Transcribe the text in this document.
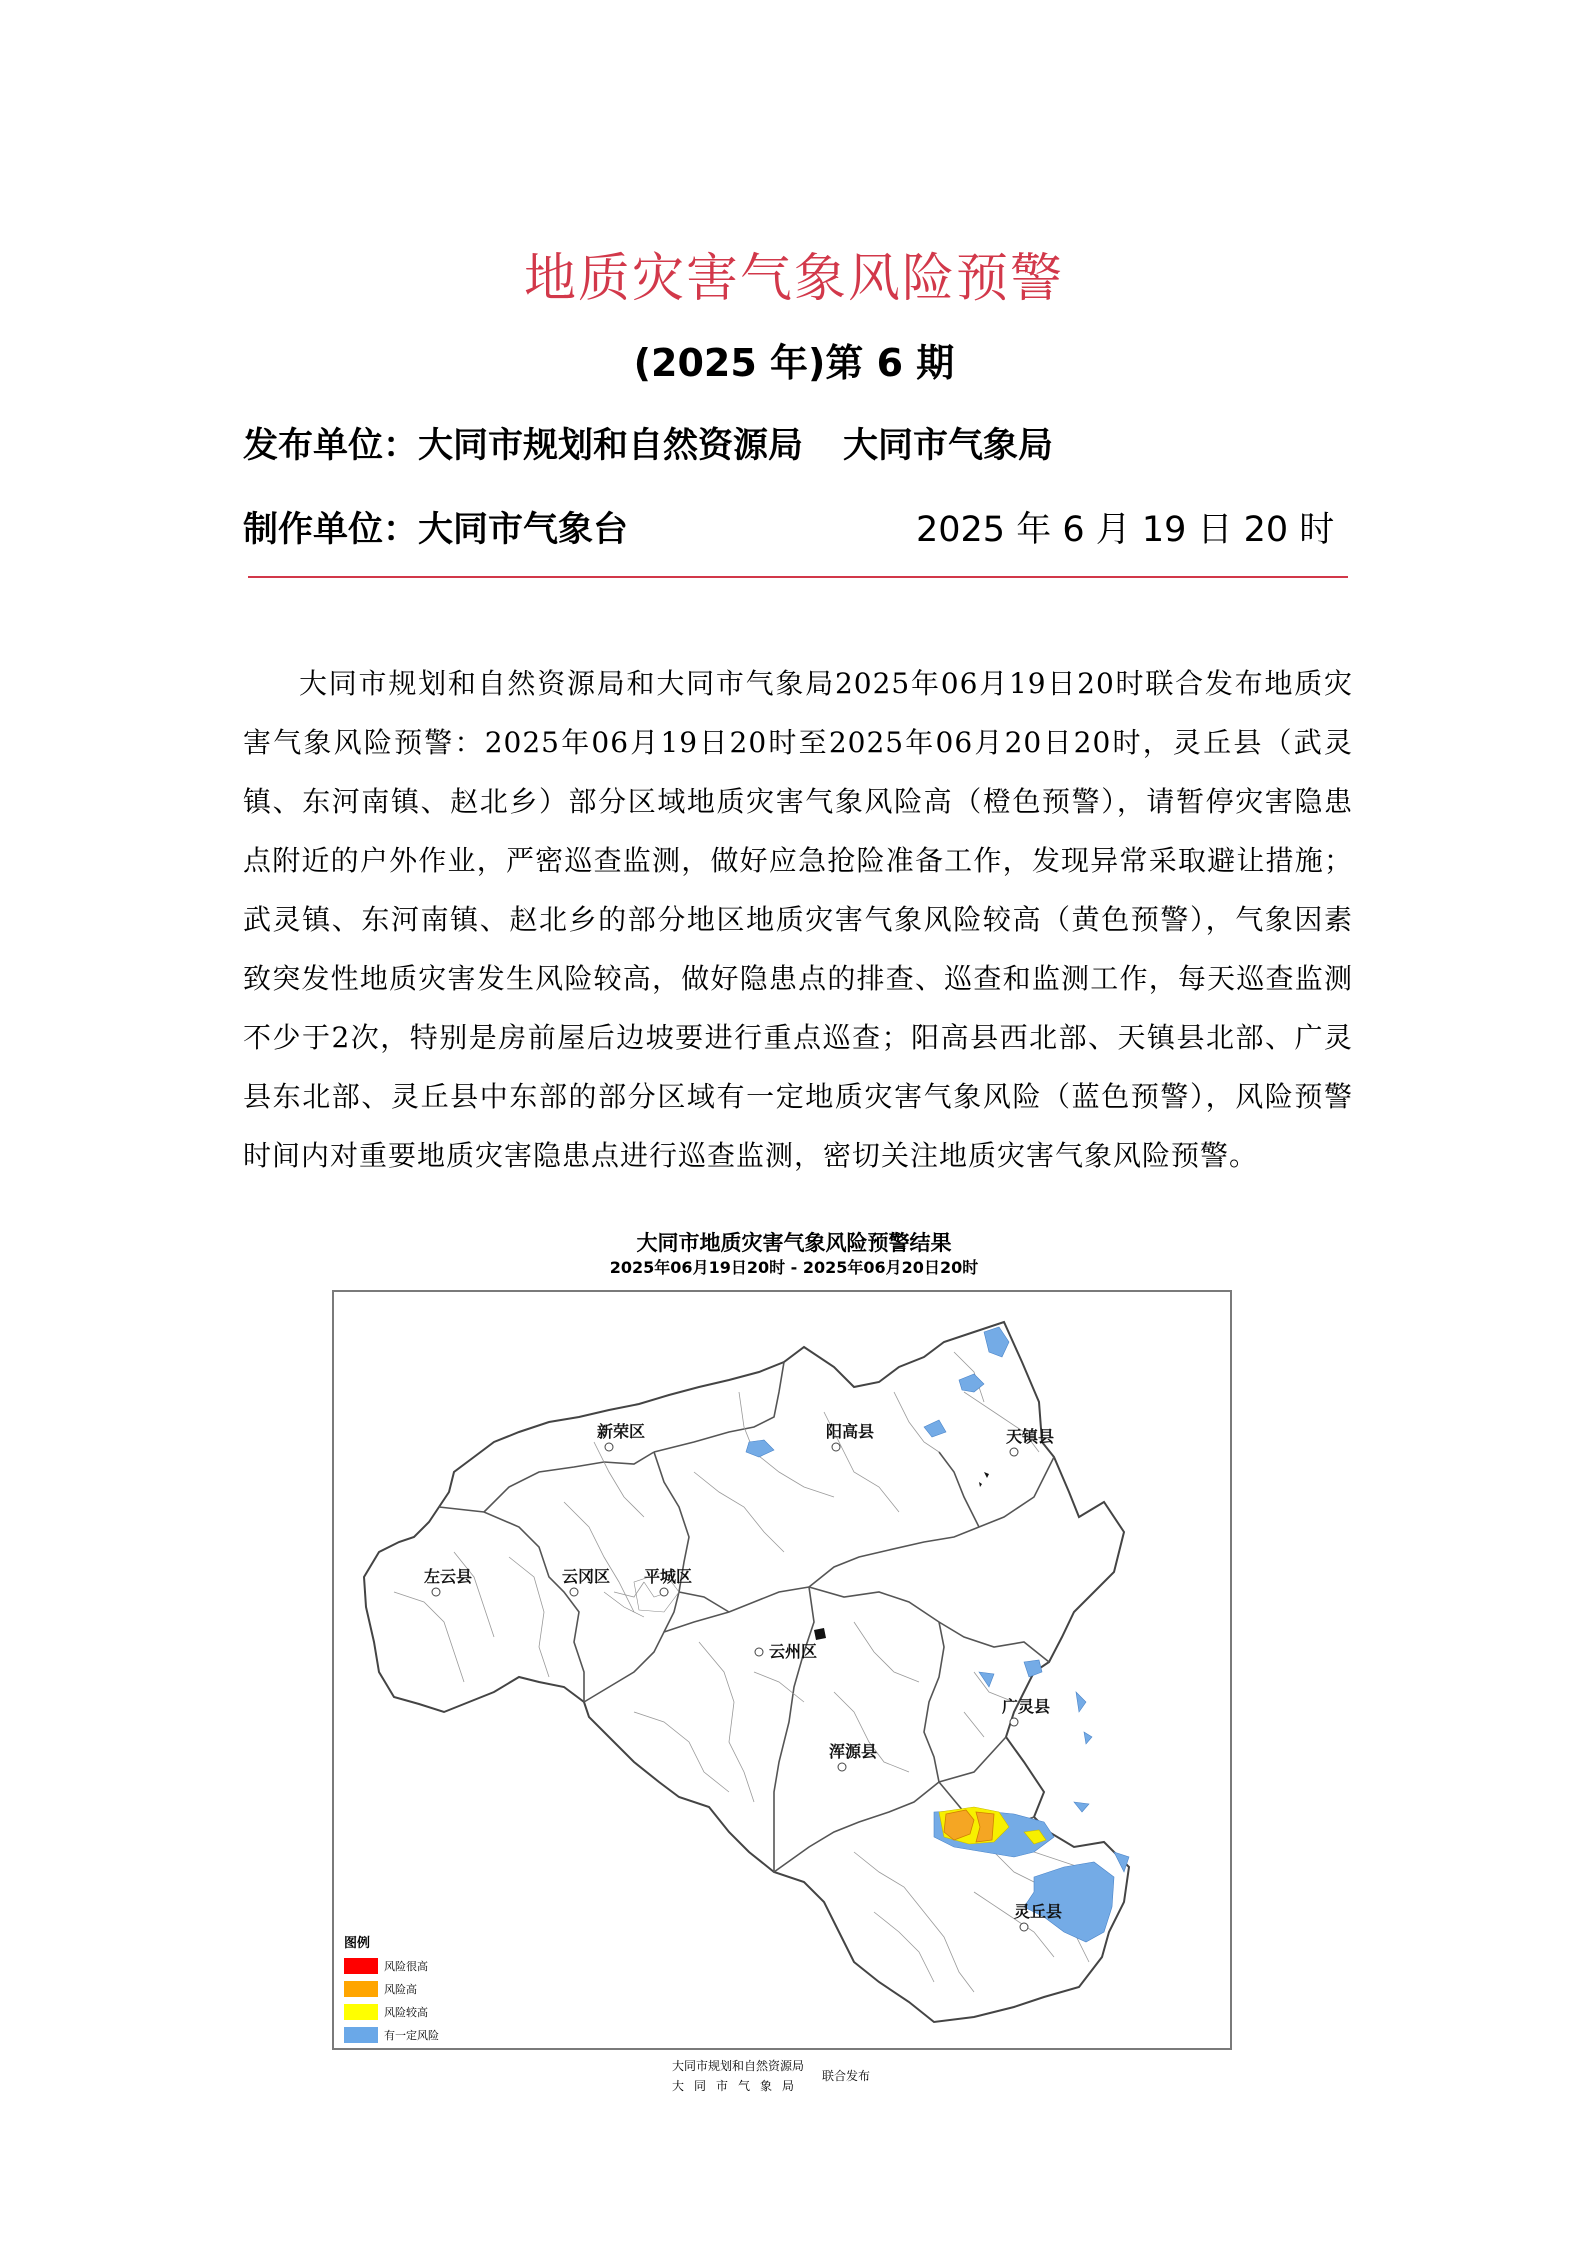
地质灾害气象风险预警
(2025 年)第 6 期
发布单位：大同市规划和自然资源局 大同市气象局
制作单位：大同市气象台	2025 年 6 月 19 日 20 时
大同市规划和自然资源局和大同市气象局2025年06月19日20时联合发布地质灾害气象风险预警：2025年06月19日20时至2025年06月20日20时，灵丘县（武灵镇、东河南镇、赵北乡）部分区域地质灾害气象风险高（橙色预警），请暂停灾害隐患点附近的户外作业，严密巡查监测，做好应急抢险准备工作，发现异常采取避让措施；武灵镇、东河南镇、赵北乡的部分地区地质灾害气象风险较高（黄色预警），气象因素致突发性地质灾害发生风险较高，做好隐患点的排查、巡查和监测工作，每天巡查监测不少于2次，特别是房前屋后边坡要进行重点巡查；阳高县西北部、天镇县北部、广灵县东北部、灵丘县中东部的部分区域有一定地质灾害气象风险（蓝色预警），风险预警时间内对重要地质灾害隐患点进行巡查监测，密切关注地质灾害气象风险预警。
大同市地质灾害气象风险预警结果
2025年06月19日20时 - 2025年06月20日20时
天镇县
阳高县
新荣区
平城区
云冈区
左云县
云州区
广灵县
浑源县
灵丘县
图例
风险很高
风险高
风险较高
有一定风险
大同市规划和自然资源局
大同市气象局
联合发布
